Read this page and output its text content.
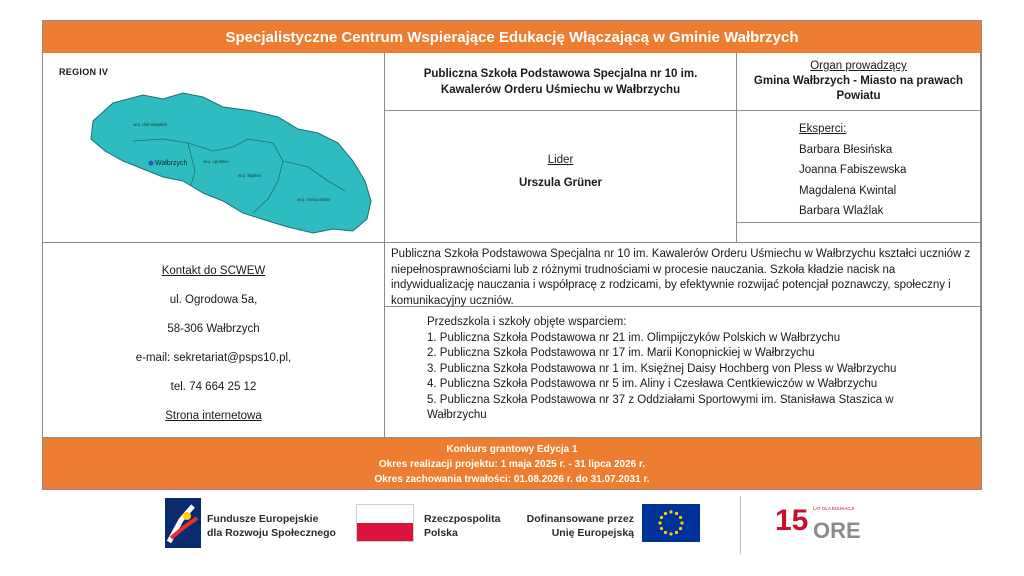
Specjalistyczne Centrum Wspierające Edukację Włączającą w Gminie Wałbrzych
REGION IV
woj. dolnośląskie
Wałbrzych	woj. opolskie
woj. śląskie
woj. małopolskie
Publiczna Szkoła Podstawowa Specjalna nr 10 im. Kawalerów Orderu Uśmiechu w Wałbrzychu
Organ prowadzący
Gmina Wałbrzych - Miasto na prawach Powiatu
Lider
Urszula Grüner
Eksperci:
Barbara Błesińska
Joanna Fabiszewska
Magdalena Kwintal
Barbara Wlaźlak
Kontakt do SCWEW
ul. Ogrodowa 5a,
58-306 Wałbrzych
e-mail: sekretariat@psps10.pl,
tel. 74 664 25 12
Strona internetowa
Publiczna Szkoła Podstawowa Specjalna nr 10 im. Kawalerów Orderu Uśmiechu w Wałbrzychu kształci uczniów z niepełnosprawnościami lub z różnymi trudnościami w procesie nauczania. Szkoła kładzie nacisk na indywidualizację nauczania i współpracę z rodzicami, by efektywnie rozwijać potencjał poznawczy, społeczny i komunikacyjny uczniów.
Przedszkola i szkoły objęte wsparciem:
1. Publiczna Szkoła Podstawowa nr 21 im. Olimpijczyków Polskich w Wałbrzychu
2. Publiczna Szkoła Podstawowa nr 17 im. Marii Konopnickiej w Wałbrzychu
3. Publiczna Szkoła Podstawowa nr 1 im. Księżnej Daisy Hochberg von Pless w Wałbrzychu
4. Publiczna Szkoła Podstawowa nr 5 im. Aliny i Czesława Centkiewiczów w Wałbrzychu
5. Publiczna Szkoła Podstawowa nr 37 z Oddziałami Sportowymi im. Stanisława Staszica w Wałbrzychu
Konkurs grantowy Edycja 1
Okres realizacji projektu: 1 maja 2025 r. - 31 lipca 2026 r.
Okres zachowania trwałości: 01.08.2026 r. do 31.07.2031 r.
Fundusze Europejskie
dla Rozwoju Społecznego
Rzeczpospolita
Polska
Dofinansowane przez
Unię Europejską	15 LAT DLA EDUKACJI
ORE
